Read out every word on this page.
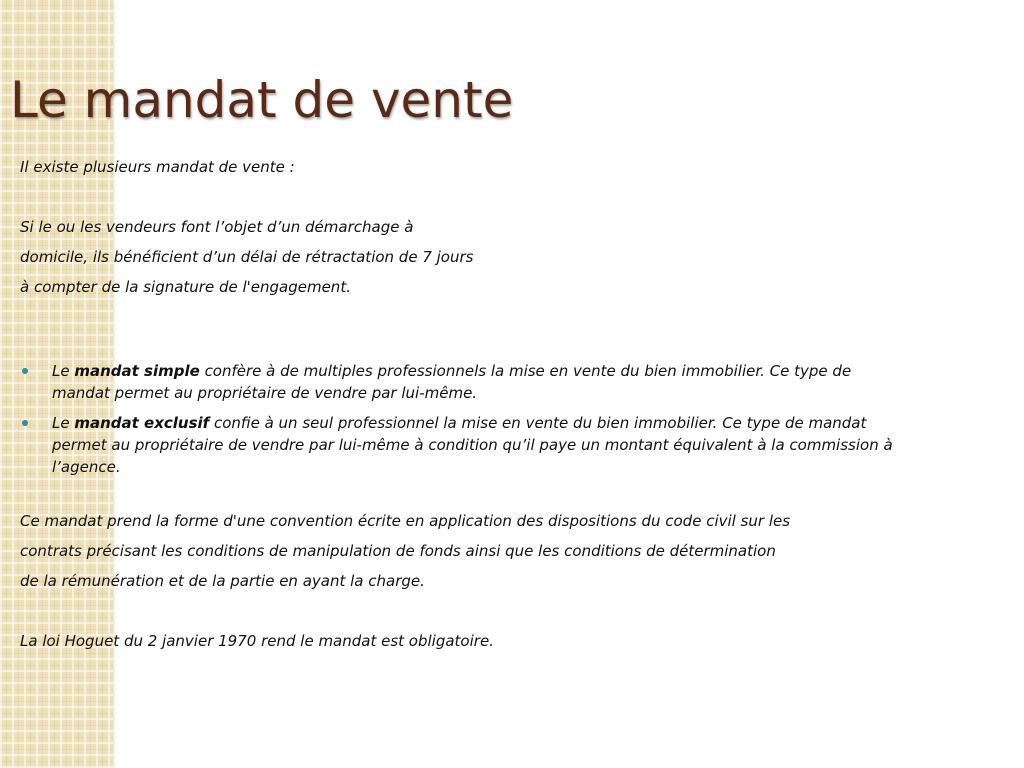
Le mandat de vente
Il existe plusieurs mandat de vente :
Si le ou les vendeurs font l’objet d’un démarchage à
domicile, ils bénéficient d’un délai de rétractation de 7 jours
à compter de la signature de l'engagement.
Le mandat simple confère à de multiples professionnels la mise en vente du bien immobilier. Ce type de mandat permet au propriétaire de vendre par lui-même.
Le mandat exclusif confie à un seul professionnel la mise en vente du bien immobilier. Ce type de mandat permet au propriétaire de vendre par lui-même à condition qu’il paye un montant équivalent à la commission à l’agence.
Ce mandat prend la forme d'une convention écrite en application des dispositions du code civil sur les
contrats précisant les conditions de manipulation de fonds ainsi que les conditions de détermination
de la rémunération et de la partie en ayant la charge.
La loi Hoguet du 2 janvier 1970 rend le mandat est obligatoire.
